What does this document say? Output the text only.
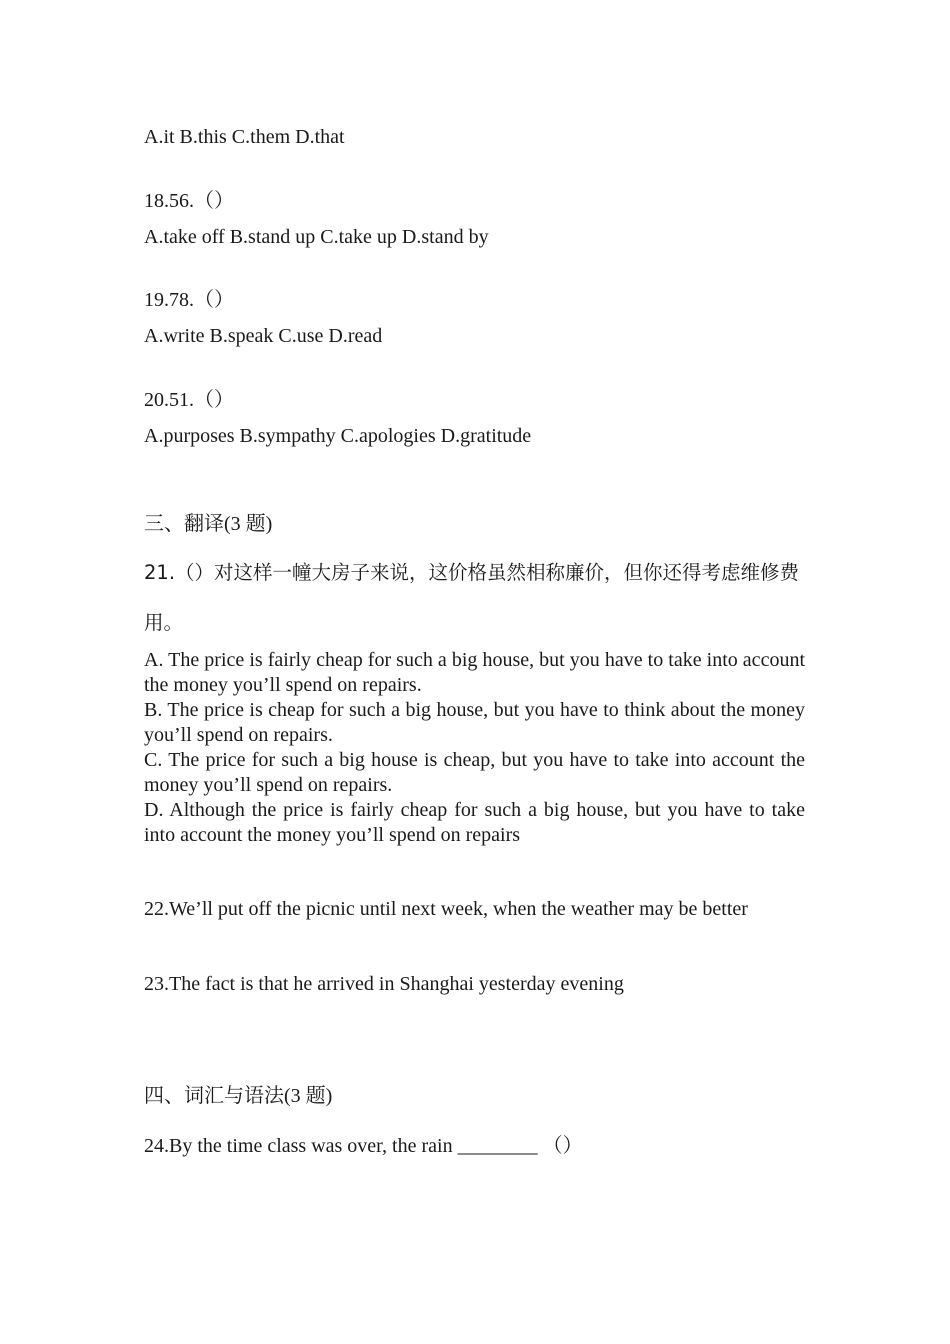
A.it B.this C.them D.that
18.56.（）
A.take off B.stand up C.take up D.stand by
19.78.（）
A.write B.speak C.use D.read
20.51.（）
A.purposes B.sympathy C.apologies D.gratitude
三、翻译(3 题)
21.（）对这样一幢大房子来说，这价格虽然相称廉价，但你还得考虑维修费用。
A. The price is fairly cheap for such a big house, but you have to take into account the money you’ll spend on repairs.
B. The price is cheap for such a big house, but you have to think about the money you’ll spend on repairs.
C. The price for such a big house is cheap, but you have to take into account the money you’ll spend on repairs.
D. Although the price is fairly cheap for such a big house, but you have to take into account the money you’ll spend on repairs
22.We’ll put off the picnic until next week, when the weather may be better
23.The fact is that he arrived in Shanghai yesterday evening
四、词汇与语法(3 题)
24.By the time class was over, the rain ________ （）
